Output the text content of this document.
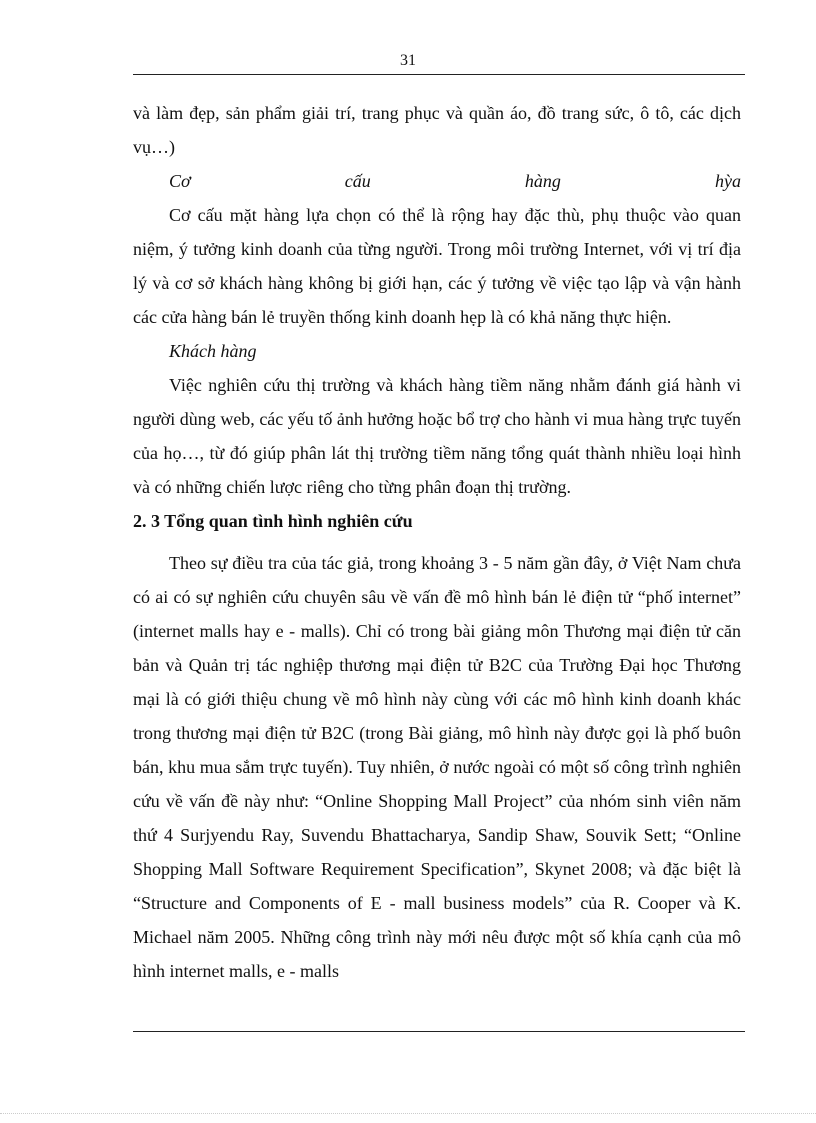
31

và làm đẹp, sản phẩm giải trí, trang phục và quần áo, đồ trang sức, ô tô, các dịch vụ…)

Cơ	cấu	hàng	hỳa

Cơ cấu mặt hàng lựa chọn có thể là rộng hay đặc thù, phụ thuộc vào quan niệm, ý tưởng kinh doanh của từng người. Trong môi trường Internet, với vị trí địa lý và cơ sở khách hàng không bị giới hạn, các ý tưởng về việc tạo lập và vận hành các cửa hàng bán lẻ truyền thống kinh doanh hẹp là có khả năng thực hiện.

Khách hàng

Việc nghiên cứu thị trường và khách hàng tiềm năng nhằm đánh giá hành vi người dùng web, các yếu tố ảnh hưởng hoặc bổ trợ cho hành vi mua hàng trực tuyến của họ…, từ đó giúp phân lát thị trường tiềm năng tổng quát thành nhiều loại hình và có những chiến lược riêng cho từng phân đoạn thị trường.

2. 3 Tổng quan tình hình nghiên cứu

Theo sự điều tra của tác giả, trong khoảng 3 - 5 năm gần đây, ở Việt Nam chưa có ai có sự nghiên cứu chuyên sâu về vấn đề mô hình bán lẻ điện tử “phố internet” (internet malls hay e - malls). Chỉ có trong bài giảng môn Thương mại điện tử căn bản và Quản trị tác nghiệp thương mại điện tử B2C của Trường Đại học Thương mại là có giới thiệu chung về mô hình này cùng với các mô hình kinh doanh khác trong thương mại điện tử B2C (trong Bài giảng, mô hình này được gọi là phố buôn bán, khu mua sắm trực tuyến). Tuy nhiên, ở nước ngoài có một số công trình nghiên cứu về vấn đề này như: “Online Shopping Mall Project” của nhóm sinh viên năm thứ 4 Surjyendu Ray, Suvendu Bhattacharya, Sandip Shaw, Souvik Sett; “Online Shopping Mall Software Requirement Specification”, Skynet 2008; và đặc biệt là “Structure and Components of E - mall business models” của R. Cooper và K. Michael năm 2005. Những công trình này mới nêu được một số khía cạnh của mô hình internet malls, e - malls
